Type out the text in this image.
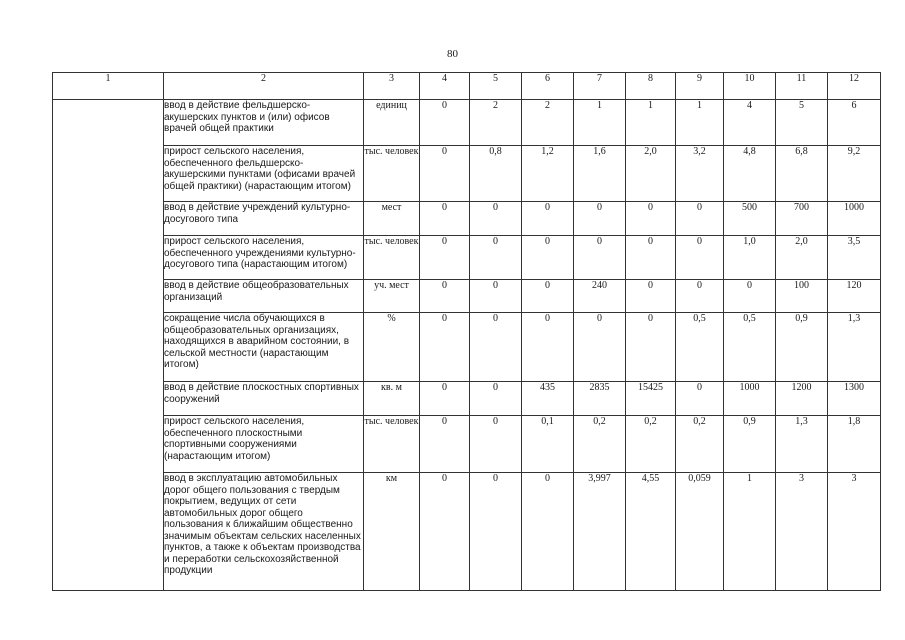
80
1	2	3	4	5	6	7	8	9	10	11	12
	ввод в действие фельдшерско-акушерских пунктов и (или) офисов врачей общей практики	единиц	0	2	2	1	1	1	4	5	6
	прирост сельского населения, обеспеченного фельдшерско-акушерскими пунктами (офисами врачей общей практики) (нарастающим итогом)	тыс. человек	0	0,8	1,2	1,6	2,0	3,2	4,8	6,8	9,2
	ввод в действие учреждений культурно-досугового типа	мест	0	0	0	0	0	0	500	700	1000
	прирост сельского населения, обеспеченного учреждениями культурно-досугового типа (нарастающим итогом)	тыс. человек	0	0	0	0	0	0	1,0	2,0	3,5
	ввод в действие общеобразовательных организаций	уч. мест	0	0	0	240	0	0	0	100	120
	сокращение числа обучающихся в общеобразовательных организациях, находящихся в аварийном состоянии, в сельской местности (нарастающим итогом)	%	0	0	0	0	0	0,5	0,5	0,9	1,3
	ввод в действие плоскостных спортивных сооружений	кв. м	0	0	435	2835	15425	0	1000	1200	1300
	прирост сельского населения, обеспеченного плоскостными спортивными сооружениями (нарастающим итогом)	тыс. человек	0	0	0,1	0,2	0,2	0,2	0,9	1,3	1,8
	ввод в эксплуатацию автомобильных дорог общего пользования с твердым покрытием, ведущих от сети автомобильных дорог общего пользования к ближайшим общественно значимым объектам сельских населенных пунктов, а также к объектам производства и переработки сельскохозяйственной продукции	км	0	0	0	3,997	4,55	0,059	1	3	3
